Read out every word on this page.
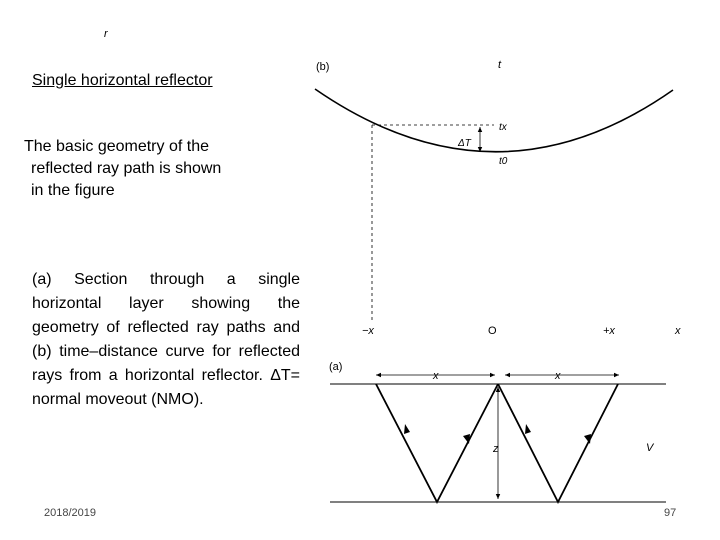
r
Single horizontal reflector
The basic geometry of the
reflected ray path is shown
in the figure
(a) Section through a single horizontal layer showing the geometry of reflected ray paths and (b) time–distance curve for reflected rays from a horizontal reflector. ΔT= normal moveout (NMO).
(b)	t
ΔT
tx
t0
−x	O	+x	x
(a)
x	x
z	V
2018/2019	97
